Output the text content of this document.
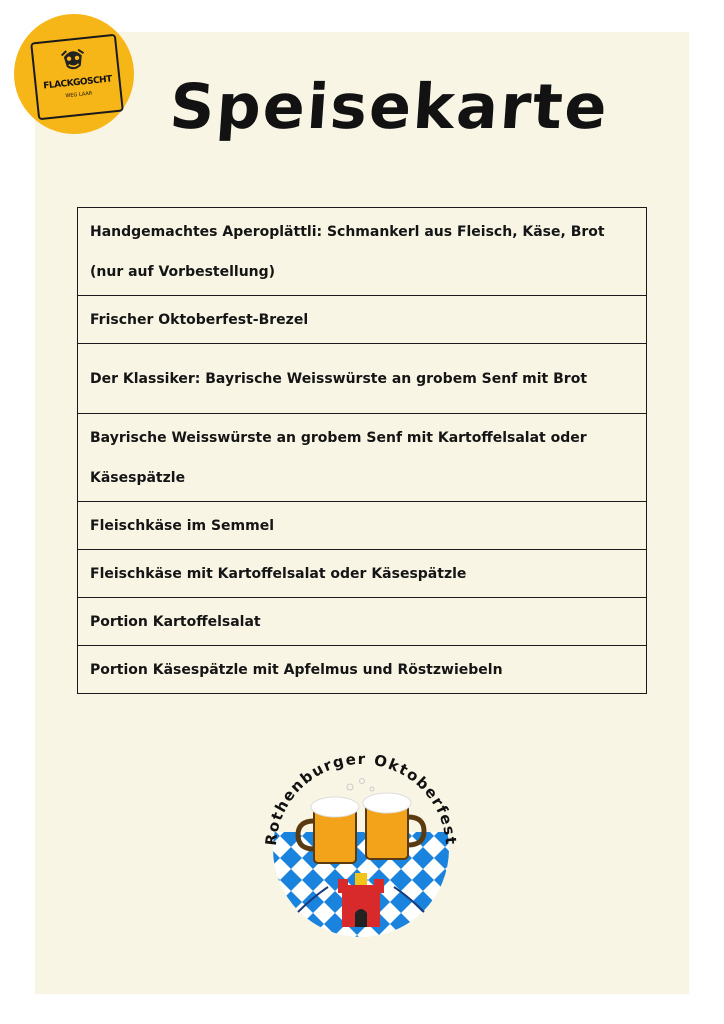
FLACKGOSCHT
WEG LAAR	Speisekarte
Handgemachtes Aperoplättli: Schmankerl aus Fleisch, Käse, Brot (nur auf Vorbestellung)
Frischer Oktoberfest-Brezel
Der Klassiker: Bayrische Weisswürste an grobem Senf mit Brot
Bayrische Weisswürste an grobem Senf mit Kartoffelsalat oder Käsespätzle
Fleischkäse im Semmel
Fleischkäse mit Kartoffelsalat oder Käsespätzle
Portion Kartoffelsalat
Portion Käsespätzle mit Apfelmus und Röstzwiebeln
Rothenburger Oktoberfest
